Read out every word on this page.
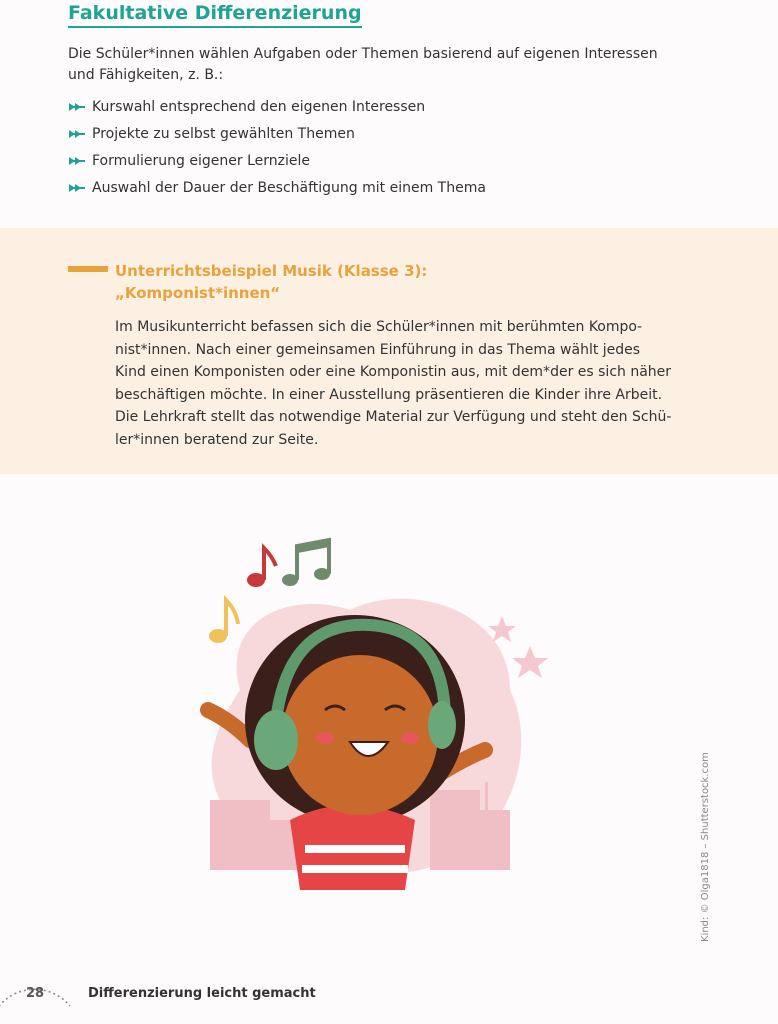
Fakultative Differenzierung
Die Schüler*innen wählen Aufgaben oder Themen basierend auf eigenen Interessen und Fähigkeiten, z. B.:
Kurswahl entsprechend den eigenen Interessen
Projekte zu selbst gewählten Themen
Formulierung eigener Lernziele
Auswahl der Dauer der Beschäftigung mit einem Thema
Unterrichtsbeispiel Musik (Klasse 3):
„Komponist*innen“
Im Musikunterricht befassen sich die Schüler*innen mit berühmten Komponist*innen. Nach einer gemeinsamen Einführung in das Thema wählt jedes Kind einen Komponisten oder eine Komponistin aus, mit dem*der es sich näher beschäftigen möchte. In einer Ausstellung präsentieren die Kinder ihre Arbeit. Die Lehrkraft stellt das notwendige Material zur Verfügung und steht den Schüler*innen beratend zur Seite.
Kind: © Olga1818 – Shutterstock.com
28	Differenzierung leicht gemacht
